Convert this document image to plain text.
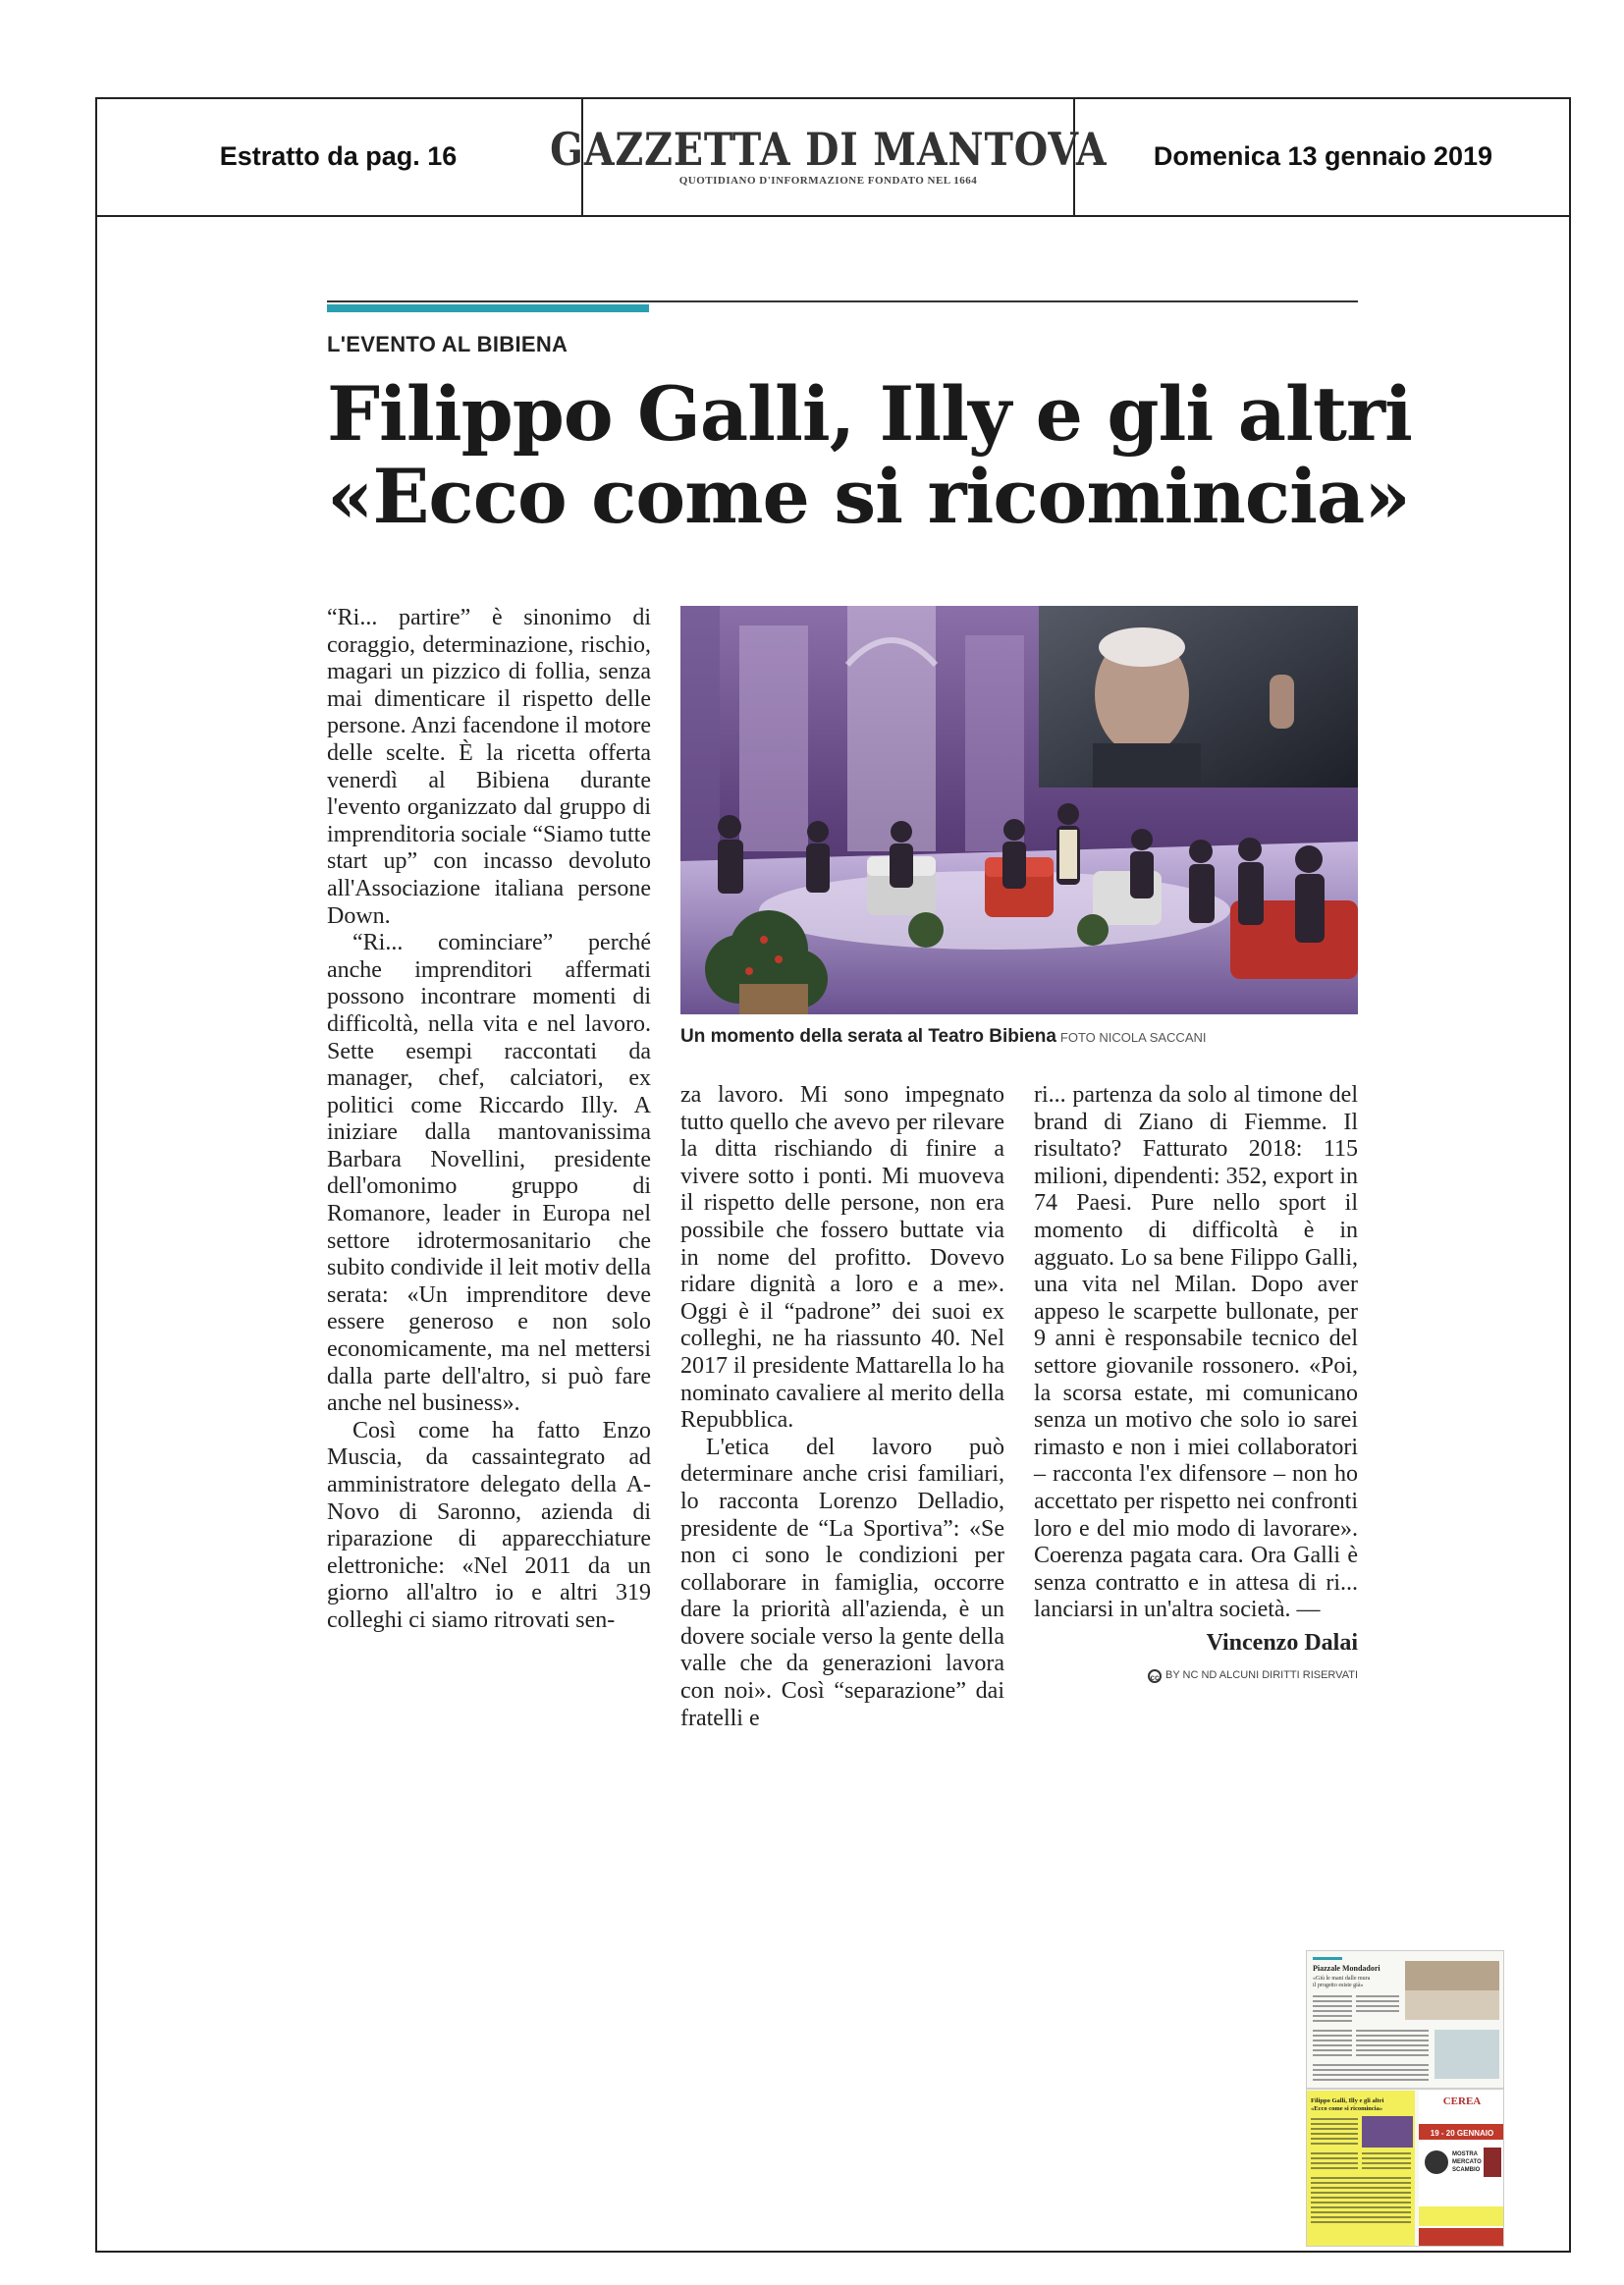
Estratto da pag. 16 GAZZETTA DI MANTOVA
QUOTIDIANO D'INFORMAZIONE FONDATO NEL 1664
Domenica 13 gennaio 2019
L'EVENTO AL BIBIENA
Filippo Galli, Illy e gli altri
«Ecco come si ricomincia»
Un momento della serata al Teatro Bibiena FOTO NICOLA SACCANI

“Ri... partire” è sinonimo di coraggio, determinazione, rischio, magari un pizzico di follia, senza mai dimenticare il rispetto delle persone. Anzi facendone il motore delle scelte. È la ricetta offerta venerdì al Bibiena durante l'evento organizzato dal gruppo di imprenditoria sociale “Siamo tutte start up” con incasso devoluto all'Associazione italiana persone Down.

“Ri... cominciare” perché anche imprenditori affermati possono incontrare momenti di difficoltà, nella vita e nel lavoro. Sette esempi raccontati da manager, chef, calciatori, ex politici come Riccardo Illy. A iniziare dalla mantovanissima Barbara Novellini, presidente dell'omonimo gruppo di Romanore, leader in Europa nel settore idrotermosanitario che subito condivide il leit motiv della serata: «Un imprenditore deve essere generoso e non solo economicamente, ma nel mettersi dalla parte dell'altro, si può fare anche nel business».

Così come ha fatto Enzo Muscia, da cassaintegrato ad amministratore delegato della A-Novo di Saronno, azienda di riparazione di apparecchiature elettroniche: «Nel 2011 da un giorno all'altro io e altri 319 colleghi ci siamo ritrovati sen-

za lavoro. Mi sono impegnato tutto quello che avevo per rilevare la ditta rischiando di finire a vivere sotto i ponti. Mi muoveva il rispetto delle persone, non era possibile che fossero buttate via in nome del profitto. Dovevo ridare dignità a loro e a me». Oggi è il “padrone” dei suoi ex colleghi, ne ha riassunto 40. Nel 2017 il presidente Mattarella lo ha nominato cavaliere al merito della Repubblica.

L'etica del lavoro può determinare anche crisi familiari, lo racconta Lorenzo Delladio, presidente de “La Sportiva”: «Se non ci sono le condizioni per collaborare in famiglia, occorre dare la priorità all'azienda, è un dovere sociale verso la gente della valle che da generazioni lavora con noi». Così “separazione” dai fratelli e

ri... partenza da solo al timone del brand di Ziano di Fiemme. Il risultato? Fatturato 2018: 115 milioni, dipendenti: 352, export in 74 Paesi. Pure nello sport il momento di difficoltà è in agguato. Lo sa bene Filippo Galli, una vita nel Milan. Dopo aver appeso le scarpette bullonate, per 9 anni è responsabile tecnico del settore giovanile rossonero. «Poi, la scorsa estate, mi comunicano senza un motivo che solo io sarei rimasto e non i miei collaboratori – racconta l'ex difensore – non ho accettato per rispetto nei confronti loro e del mio modo di lavorare». Coerenza pagata cara. Ora Galli è senza contratto e in attesa di ri... lanciarsi in un'altra società. —

Vincenzo Dalai
cc BY NC ND ALCUNI DIRITTI RISERVATI
Piazzale Mondadori
«Giù le mani dalle mura
il progetto esiste già»
Filippo Galli, Illy e gli altri
«Ecco come si ricomincia»
CEREA
19 - 20 GENNAIO
MOSTRA
MERCATO
SCAMBIO
